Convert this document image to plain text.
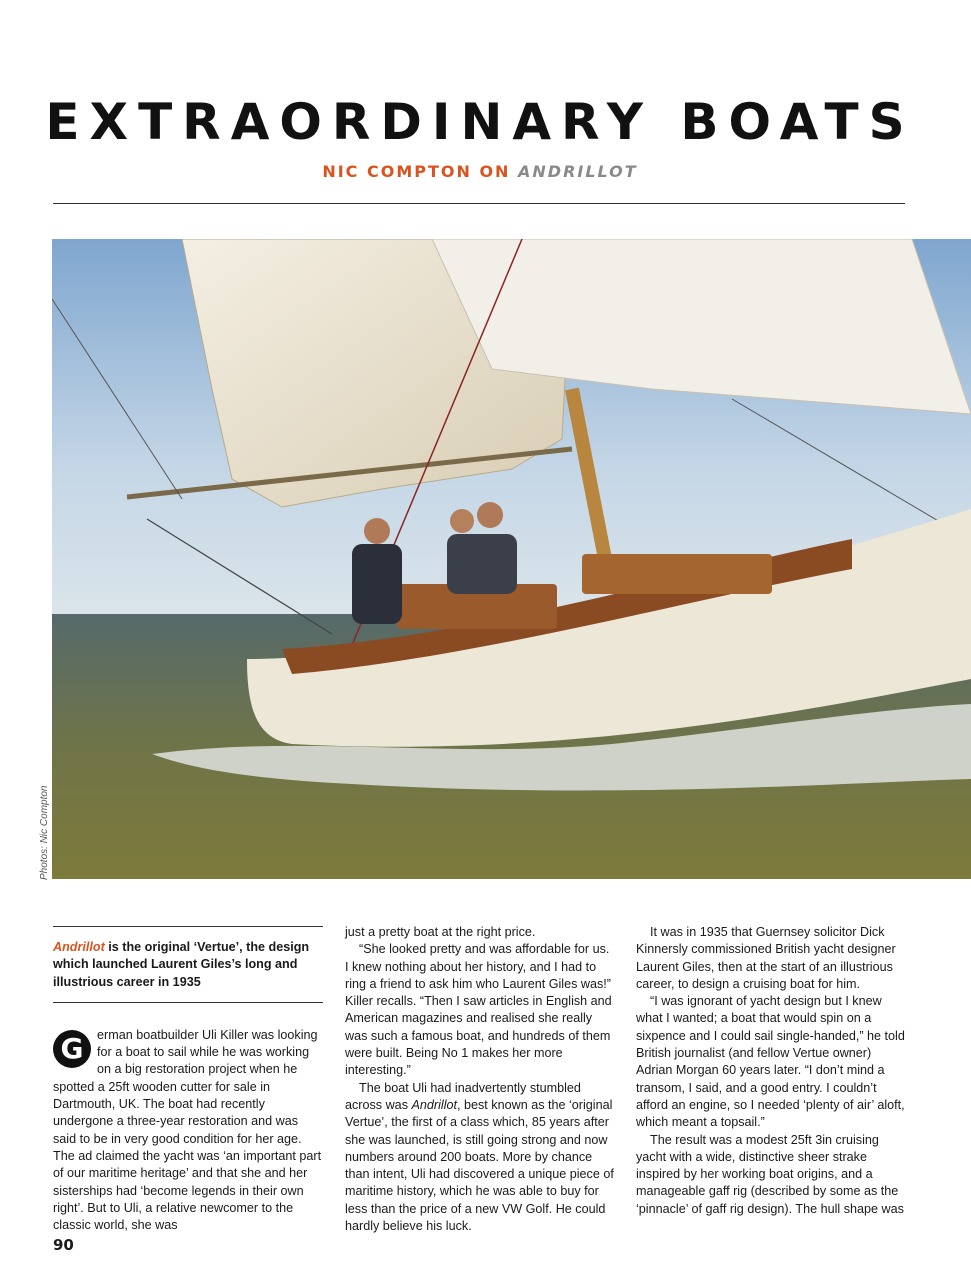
EXTRAORDINARY BOATS
NIC COMPTON ON ANDRILLOT
Photos: Nic Compton
Andrillot is the original ‘Vertue’, the design which launched Laurent Giles’s long and illustrious career in 1935

G	erman boatbuilder Uli Killer was looking for a boat to sail while he was working on a big restoration project when he spotted a 25ft wooden cutter for sale in Dartmouth, UK. The boat had recently undergone a three-year restoration and was said to be in very good condition for her age. The ad claimed the yacht was ‘an important part of our maritime heritage’ and that she and her sisterships had ‘become legends in their own right’. But to Uli, a relative newcomer to the classic world, she was

just a pretty boat at the right price.

“She looked pretty and was affordable for us. I knew nothing about her history, and I had to ring a friend to ask him who Laurent Giles was!” Killer recalls. “Then I saw articles in English and American magazines and realised she really was such a famous boat, and hundreds of them were built. Being No 1 makes her more interesting.”

The boat Uli had inadvertently stumbled across was Andrillot, best known as the ‘original Vertue’, the first of a class which, 85 years after she was launched, is still going strong and now numbers around 200 boats. More by chance than intent, Uli had discovered a unique piece of maritime history, which he was able to buy for less than the price of a new VW Golf. He could hardly believe his luck.

It was in 1935 that Guernsey solicitor Dick Kinnersly commissioned British yacht designer Laurent Giles, then at the start of an illustrious career, to design a cruising boat for him.

“I was ignorant of yacht design but I knew what I wanted; a boat that would spin on a sixpence and I could sail single-handed,” he told British journalist (and fellow Vertue owner) Adrian Morgan 60 years later. “I don’t mind a transom, I said, and a good entry. I couldn’t afford an engine, so I needed ‘plenty of air’ aloft, which meant a topsail.”

The result was a modest 25ft 3in cruising yacht with a wide, distinctive sheer strake inspired by her working boat origins, and a manageable gaff rig (described by some as the ‘pinnacle’ of gaff rig design). The hull shape was

90
